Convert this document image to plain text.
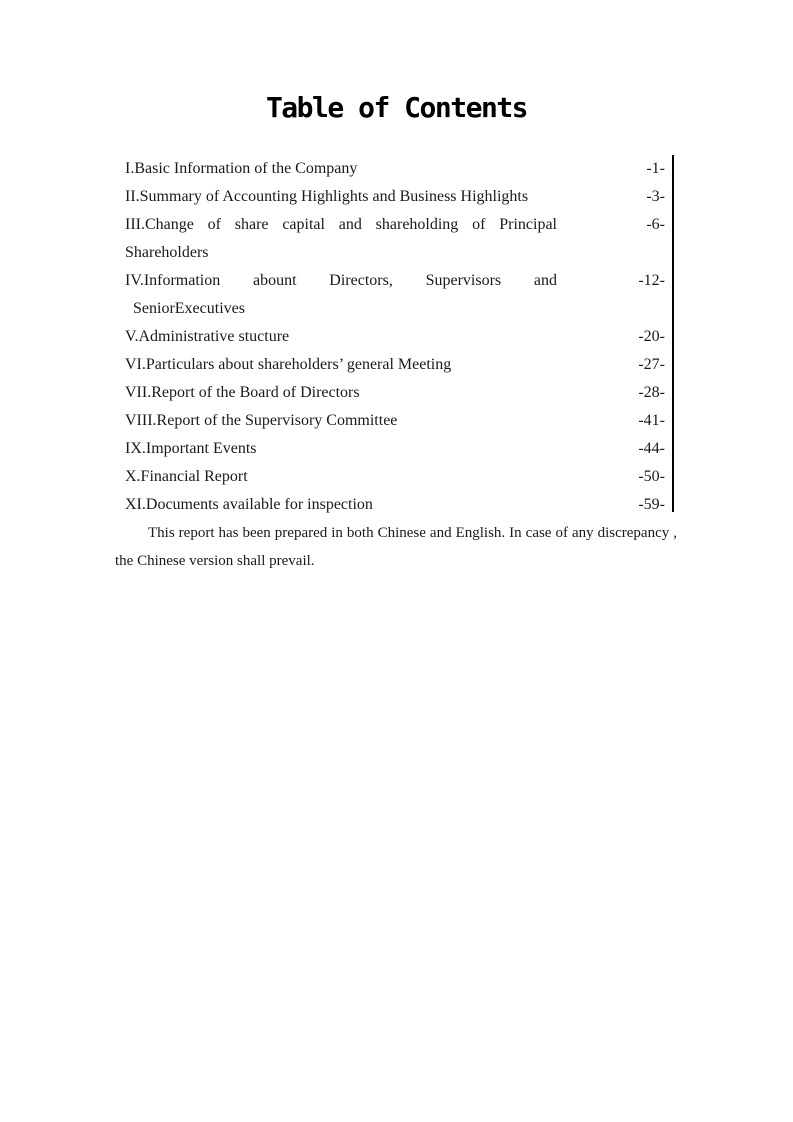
Table of Contents
I.Basic Information of the Company	-1-
II.Summary of Accounting Highlights and Business Highlights	-3-
III.Change of share capital and shareholding of Principal	-6-
Shareholders
IV.Information abount Directors, Supervisors and	-12-
SeniorExecutives
V.Administrative stucture	-20-
VI.Particulars about shareholders’ general Meeting	-27-
VII.Report of the Board of Directors	-28-
VIII.Report of the Supervisory Committee	-41-
IX.Important Events	-44-
X.Financial Report	-50-
XI.Documents available for inspection	-59-

This report has been prepared in both Chinese and English. In case of any discrepancy , the Chinese version shall prevail.
